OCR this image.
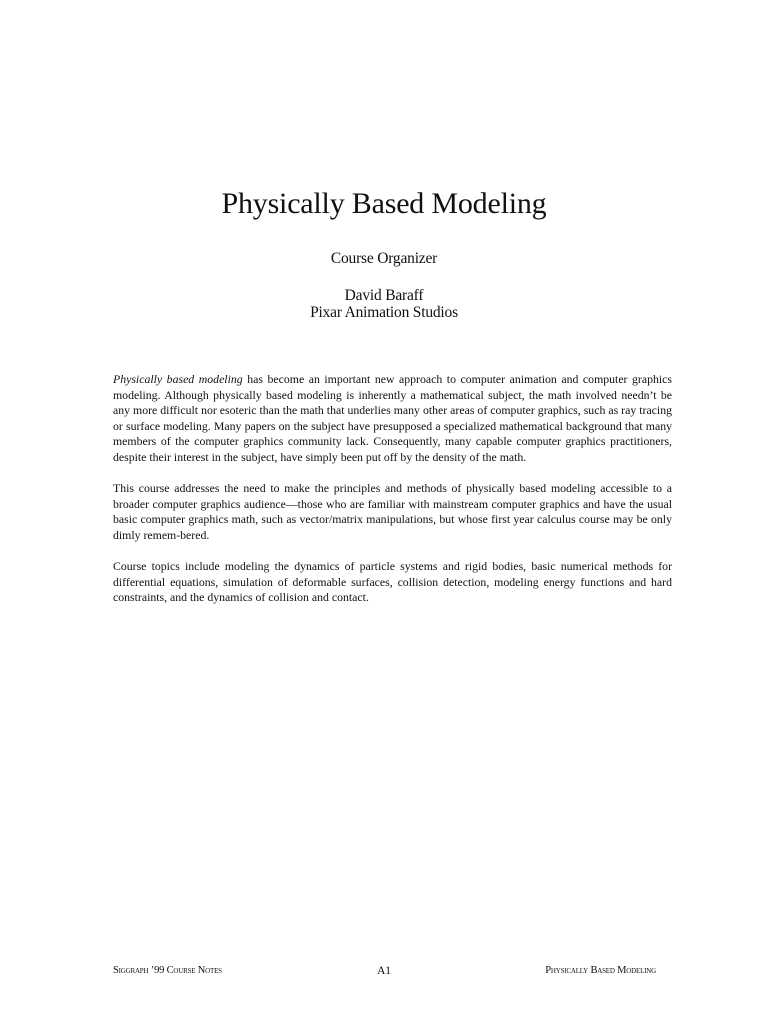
Physically Based Modeling
Course Organizer
David Baraff
Pixar Animation Studios

Physically based modeling has become an important new approach to computer animation and computer graphics modeling. Although physically based modeling is inherently a mathematical subject, the math involved needn’t be any more difficult nor esoteric than the math that underlies many other areas of computer graphics, such as ray tracing or surface modeling. Many papers on the subject have presupposed a specialized mathematical background that many members of the computer graphics community lack. Consequently, many capable computer graphics practitioners, despite their interest in the subject, have simply been put off by the density of the math.

This course addresses the need to make the principles and methods of physically based modeling accessible to a broader computer graphics audience—those who are familiar with mainstream computer graphics and have the usual basic computer graphics math, such as vector/matrix manipulations, but whose first year calculus course may be only dimly remem-bered.

Course topics include modeling the dynamics of particle systems and rigid bodies, basic numerical methods for differential equations, simulation of deformable surfaces, collision detection, modeling energy functions and hard constraints, and the dynamics of collision and contact.

Siggraph ’99 Course Notes	A1	Physically Based Modeling
